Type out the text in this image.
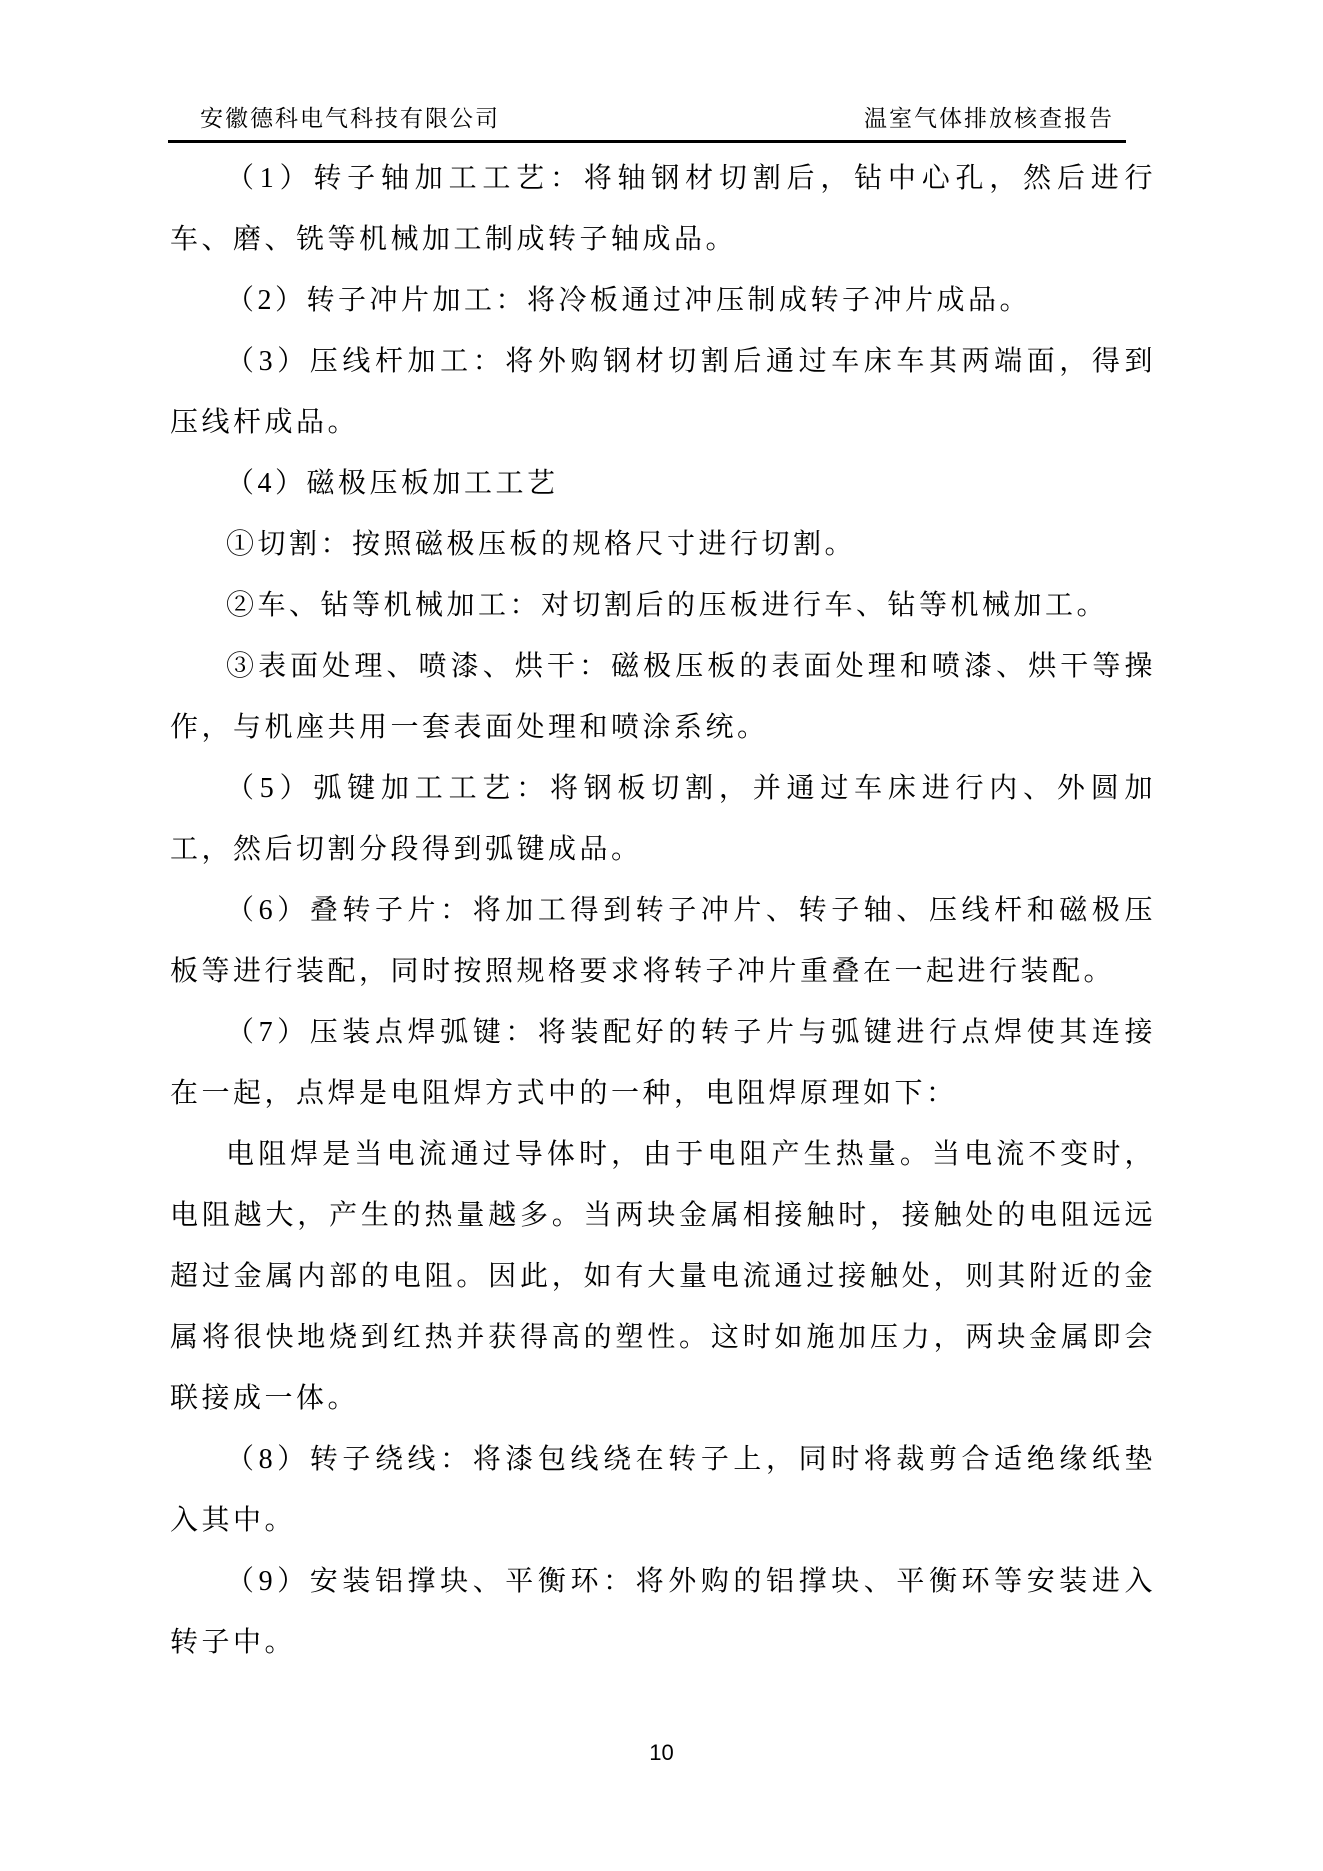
安徽德科电气科技有限公司	温室气体排放核查报告

（1）转子轴加工工艺：将轴钢材切割后，钻中心孔，然后进行车、磨、铣等机械加工制成转子轴成品。

（2）转子冲片加工：将冷板通过冲压制成转子冲片成品。

（3）压线杆加工：将外购钢材切割后通过车床车其两端面，得到压线杆成品。

（4）磁极压板加工工艺

①切割：按照磁极压板的规格尺寸进行切割。

②车、钻等机械加工：对切割后的压板进行车、钻等机械加工。

③表面处理、喷漆、烘干：磁极压板的表面处理和喷漆、烘干等操作，与机座共用一套表面处理和喷涂系统。

（5）弧键加工工艺：将钢板切割，并通过车床进行内、外圆加工，然后切割分段得到弧键成品。

（6）叠转子片：将加工得到转子冲片、转子轴、压线杆和磁极压板等进行装配，同时按照规格要求将转子冲片重叠在一起进行装配。

（7）压装点焊弧键：将装配好的转子片与弧键进行点焊使其连接在一起，点焊是电阻焊方式中的一种，电阻焊原理如下：

电阻焊是当电流通过导体时，由于电阻产生热量。当电流不变时，电阻越大，产生的热量越多。当两块金属相接触时，接触处的电阻远远超过金属内部的电阻。因此，如有大量电流通过接触处，则其附近的金属将很快地烧到红热并获得高的塑性。这时如施加压力，两块金属即会联接成一体。

（8）转子绕线：将漆包线绕在转子上，同时将裁剪合适绝缘纸垫入其中。

（9）安装铝撑块、平衡环：将外购的铝撑块、平衡环等安装进入转子中。

10
